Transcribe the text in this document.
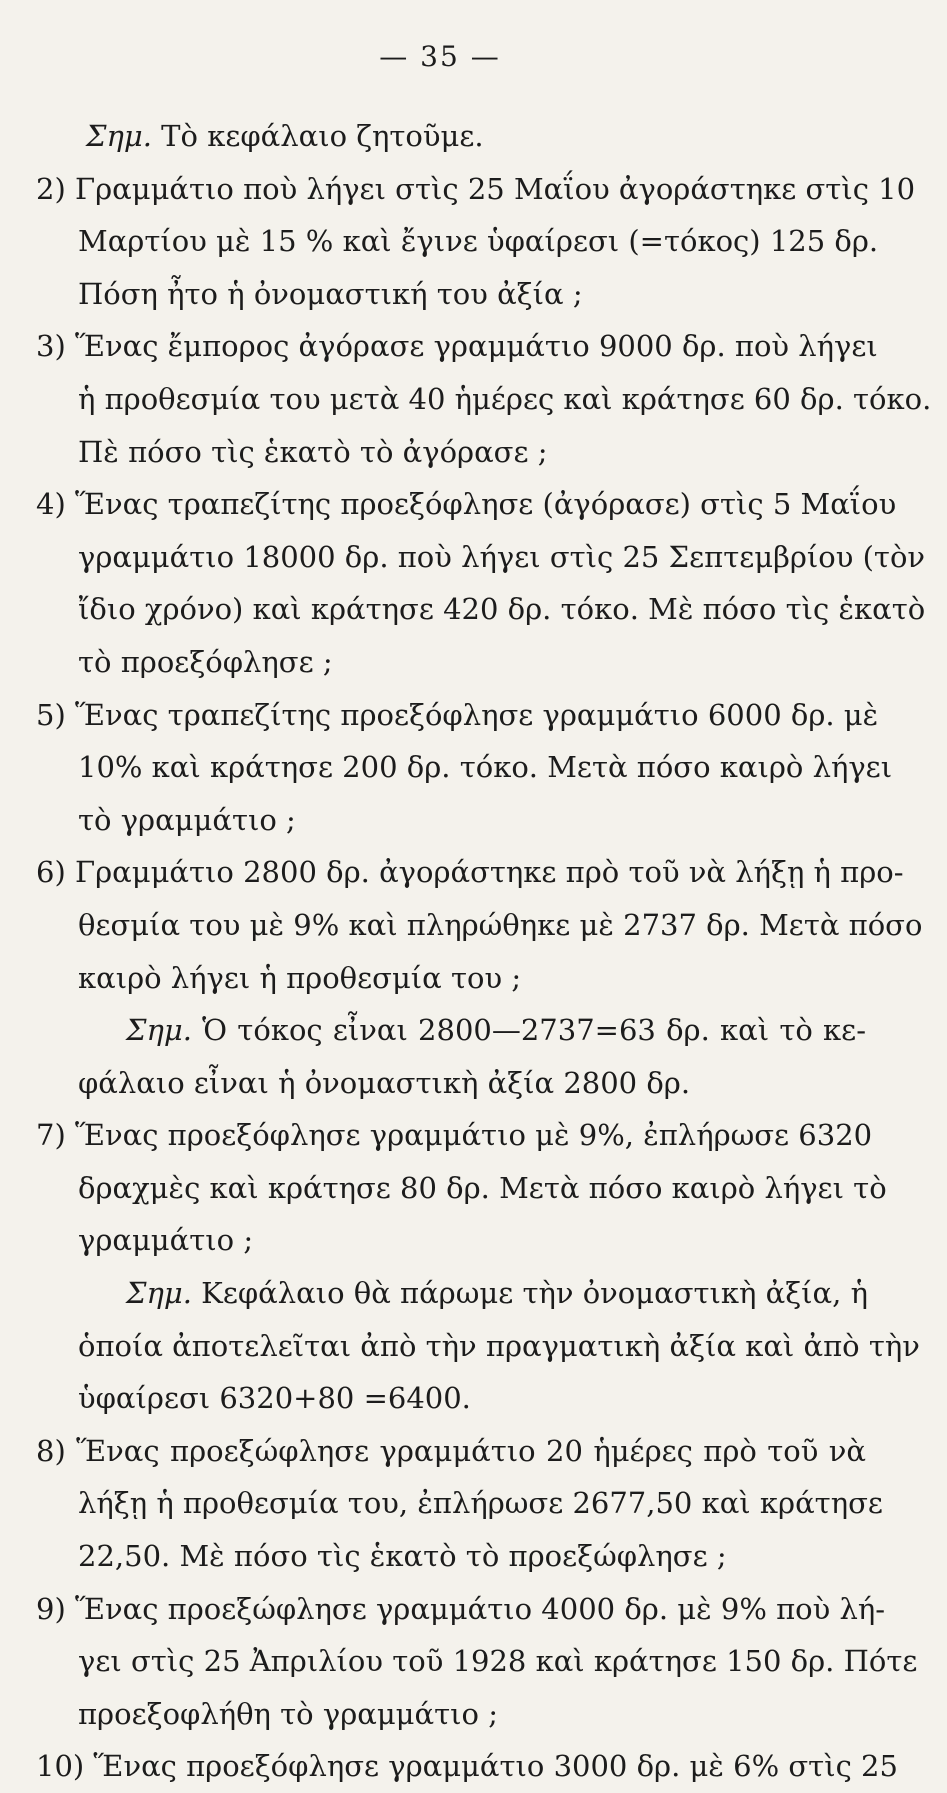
— 35 —
Σημ. Τὸ κεφάλαιο ζητοῦμε.
2) Γραμμάτιο ποὺ λήγει στὶς 25 Μαΐου ἀγοράστηκε στὶς 10
Μαρτίου μὲ 15 % καὶ ἔγινε ὑφαίρεσι (=τόκος) 125 δρ.
Πόση ἦτο ἡ ὀνομαστική του ἀξία ;
3) Ἕνας ἔμπορος ἀγόρασε γραμμάτιο 9000 δρ. ποὺ λήγει
ἡ προθεσμία του μετὰ 40 ἡμέρες καὶ κράτησε 60 δρ. τόκο.
Πὲ πόσο τὶς ἑκατὸ τὸ ἀγόρασε ;
4) Ἕνας τραπεζίτης προεξόφλησε (ἀγόρασε) στὶς 5 Μαΐου
γραμμάτιο 18000 δρ. ποὺ λήγει στὶς 25 Σεπτεμβρίου (τὸν
ἴδιο χρόνο) καὶ κράτησε 420 δρ. τόκο. Μὲ πόσο τὶς ἑκατὸ
τὸ προεξόφλησε ;
5) Ἕνας τραπεζίτης προεξόφλησε γραμμάτιο 6000 δρ. μὲ
10% καὶ κράτησε 200 δρ. τόκο. Μετὰ πόσο καιρὸ λήγει
τὸ γραμμάτιο ;
6) Γραμμάτιο 2800 δρ. ἀγοράστηκε πρὸ τοῦ νὰ λήξῃ ἡ προ-
θεσμία του μὲ 9% καὶ πληρώθηκε μὲ 2737 δρ. Μετὰ πόσο
καιρὸ λήγει ἡ προθεσμία του ;
Σημ. Ὁ τόκος εἶναι 2800—2737=63 δρ. καὶ τὸ κε-
φάλαιο εἶναι ἡ ὀνομαστικὴ ἀξία 2800 δρ.
7) Ἕνας προεξόφλησε γραμμάτιο μὲ 9%, ἐπλήρωσε 6320
δραχμὲς καὶ κράτησε 80 δρ. Μετὰ πόσο καιρὸ λήγει τὸ
γραμμάτιο ;
Σημ. Κεφάλαιο θὰ πάρωμε τὴν ὀνομαστικὴ ἀξία, ἡ
ὁποία ἀποτελεῖται ἀπὸ τὴν πραγματικὴ ἀξία καὶ ἀπὸ τὴν
ὑφαίρεσι 6320+80 =6400.
8) Ἕνας προεξώφλησε γραμμάτιο 20 ἡμέρες πρὸ τοῦ νὰ
λήξῃ ἡ προθεσμία του, ἐπλήρωσε 2677,50 καὶ κράτησε
22,50. Μὲ πόσο τὶς ἑκατὸ τὸ προεξώφλησε ;
9) Ἕνας προεξώφλησε γραμμάτιο 4000 δρ. μὲ 9% ποὺ λή-
γει στὶς 25 Ἀπριλίου τοῦ 1928 καὶ κράτησε 150 δρ. Πότε
προεξοφλήθη τὸ γραμμάτιο ;
10) Ἕνας προεξόφλησε γραμμάτιο 3000 δρ. μὲ 6% στὶς 25
